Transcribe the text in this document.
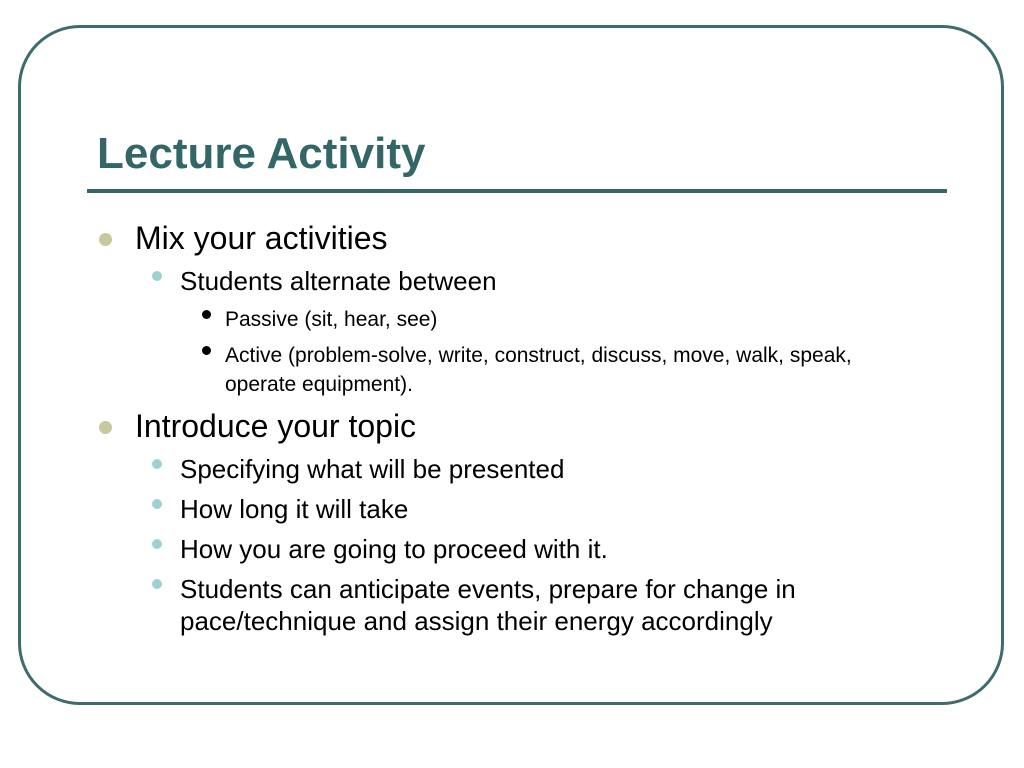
Lecture Activity
Mix your activities
Students alternate between
Passive (sit, hear, see)
Active (problem-solve, write, construct, discuss, move, walk, speak, operate equipment).
Introduce your topic
Specifying what will be presented
How long it will take
How you are going to proceed with it.
Students can anticipate events, prepare for change in pace/technique and assign their energy accordingly
